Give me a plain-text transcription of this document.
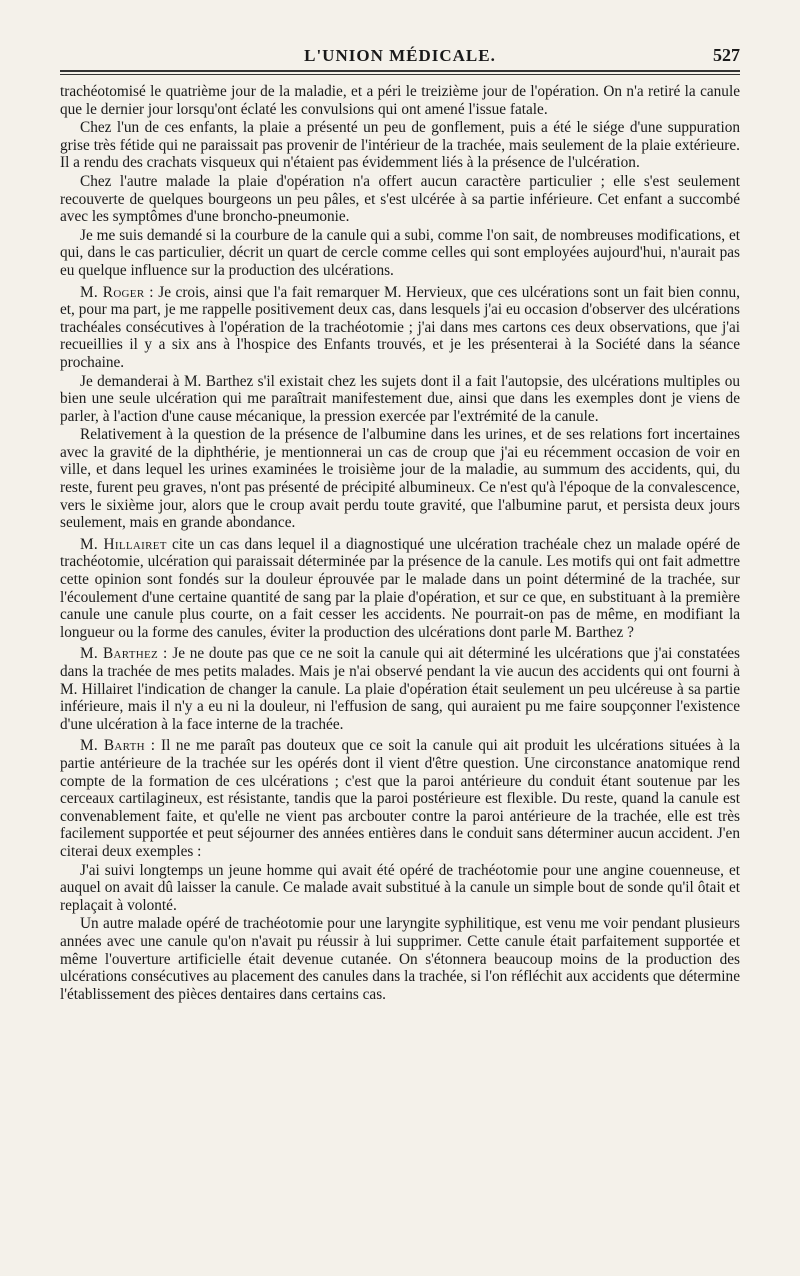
L'UNION MÉDICALE.	527

trachéotomisé le quatrième jour de la maladie, et a péri le treizième jour de l'opération. On n'a retiré la canule que le dernier jour lorsqu'ont éclaté les convulsions qui ont amené l'issue fatale.

Chez l'un de ces enfants, la plaie a présenté un peu de gonflement, puis a été le siége d'une suppuration grise très fétide qui ne paraissait pas provenir de l'intérieur de la trachée, mais seulement de la plaie extérieure. Il a rendu des crachats visqueux qui n'étaient pas évidemment liés à la présence de l'ulcération.

Chez l'autre malade la plaie d'opération n'a offert aucun caractère particulier ; elle s'est seulement recouverte de quelques bourgeons un peu pâles, et s'est ulcérée à sa partie inférieure. Cet enfant a succombé avec les symptômes d'une broncho-pneumonie.

Je me suis demandé si la courbure de la canule qui a subi, comme l'on sait, de nombreuses modifications, et qui, dans le cas particulier, décrit un quart de cercle comme celles qui sont employées aujourd'hui, n'aurait pas eu quelque influence sur la production des ulcérations.

M. Roger : Je crois, ainsi que l'a fait remarquer M. Hervieux, que ces ulcérations sont un fait bien connu, et, pour ma part, je me rappelle positivement deux cas, dans lesquels j'ai eu occasion d'observer des ulcérations trachéales consécutives à l'opération de la trachéotomie ; j'ai dans mes cartons ces deux observations, que j'ai recueillies il y a six ans à l'hospice des Enfants trouvés, et je les présenterai à la Société dans la séance prochaine.

Je demanderai à M. Barthez s'il existait chez les sujets dont il a fait l'autopsie, des ulcérations multiples ou bien une seule ulcération qui me paraîtrait manifestement due, ainsi que dans les exemples dont je viens de parler, à l'action d'une cause mécanique, la pression exercée par l'extrémité de la canule.

Relativement à la question de la présence de l'albumine dans les urines, et de ses relations fort incertaines avec la gravité de la diphthérie, je mentionnerai un cas de croup que j'ai eu récemment occasion de voir en ville, et dans lequel les urines examinées le troisième jour de la maladie, au summum des accidents, qui, du reste, furent peu graves, n'ont pas présenté de précipité albumineux. Ce n'est qu'à l'époque de la convalescence, vers le sixième jour, alors que le croup avait perdu toute gravité, que l'albumine parut, et persista deux jours seulement, mais en grande abondance.

M. Hillairet cite un cas dans lequel il a diagnostiqué une ulcération trachéale chez un malade opéré de trachéotomie, ulcération qui paraissait déterminée par la présence de la canule. Les motifs qui ont fait admettre cette opinion sont fondés sur la douleur éprouvée par le malade dans un point déterminé de la trachée, sur l'écoulement d'une certaine quantité de sang par la plaie d'opération, et sur ce que, en substituant à la première canule une canule plus courte, on a fait cesser les accidents. Ne pourrait-on pas de même, en modifiant la longueur ou la forme des canules, éviter la production des ulcérations dont parle M. Barthez ?

M. Barthez : Je ne doute pas que ce ne soit la canule qui ait déterminé les ulcérations que j'ai constatées dans la trachée de mes petits malades. Mais je n'ai observé pendant la vie aucun des accidents qui ont fourni à M. Hillairet l'indication de changer la canule. La plaie d'opération était seulement un peu ulcéreuse à sa partie inférieure, mais il n'y a eu ni la douleur, ni l'effusion de sang, qui auraient pu me faire soupçonner l'existence d'une ulcération à la face interne de la trachée.

M. Barth : Il ne me paraît pas douteux que ce soit la canule qui ait produit les ulcérations situées à la partie antérieure de la trachée sur les opérés dont il vient d'être question. Une circonstance anatomique rend compte de la formation de ces ulcérations ; c'est que la paroi antérieure du conduit étant soutenue par les cerceaux cartilagineux, est résistante, tandis que la paroi postérieure est flexible. Du reste, quand la canule est convenablement faite, et qu'elle ne vient pas arcbouter contre la paroi antérieure de la trachée, elle est très facilement supportée et peut séjourner des années entières dans le conduit sans déterminer aucun accident. J'en citerai deux exemples :

J'ai suivi longtemps un jeune homme qui avait été opéré de trachéotomie pour une angine couenneuse, et auquel on avait dû laisser la canule. Ce malade avait substitué à la canule un simple bout de sonde qu'il ôtait et replaçait à volonté.

Un autre malade opéré de trachéotomie pour une laryngite syphilitique, est venu me voir pendant plusieurs années avec une canule qu'on n'avait pu réussir à lui supprimer. Cette canule était parfaitement supportée et même l'ouverture artificielle était devenue cutanée. On s'étonnera beaucoup moins de la production des ulcérations consécutives au placement des canules dans la trachée, si l'on réfléchit aux accidents que détermine l'établissement des pièces dentaires dans certains cas.
